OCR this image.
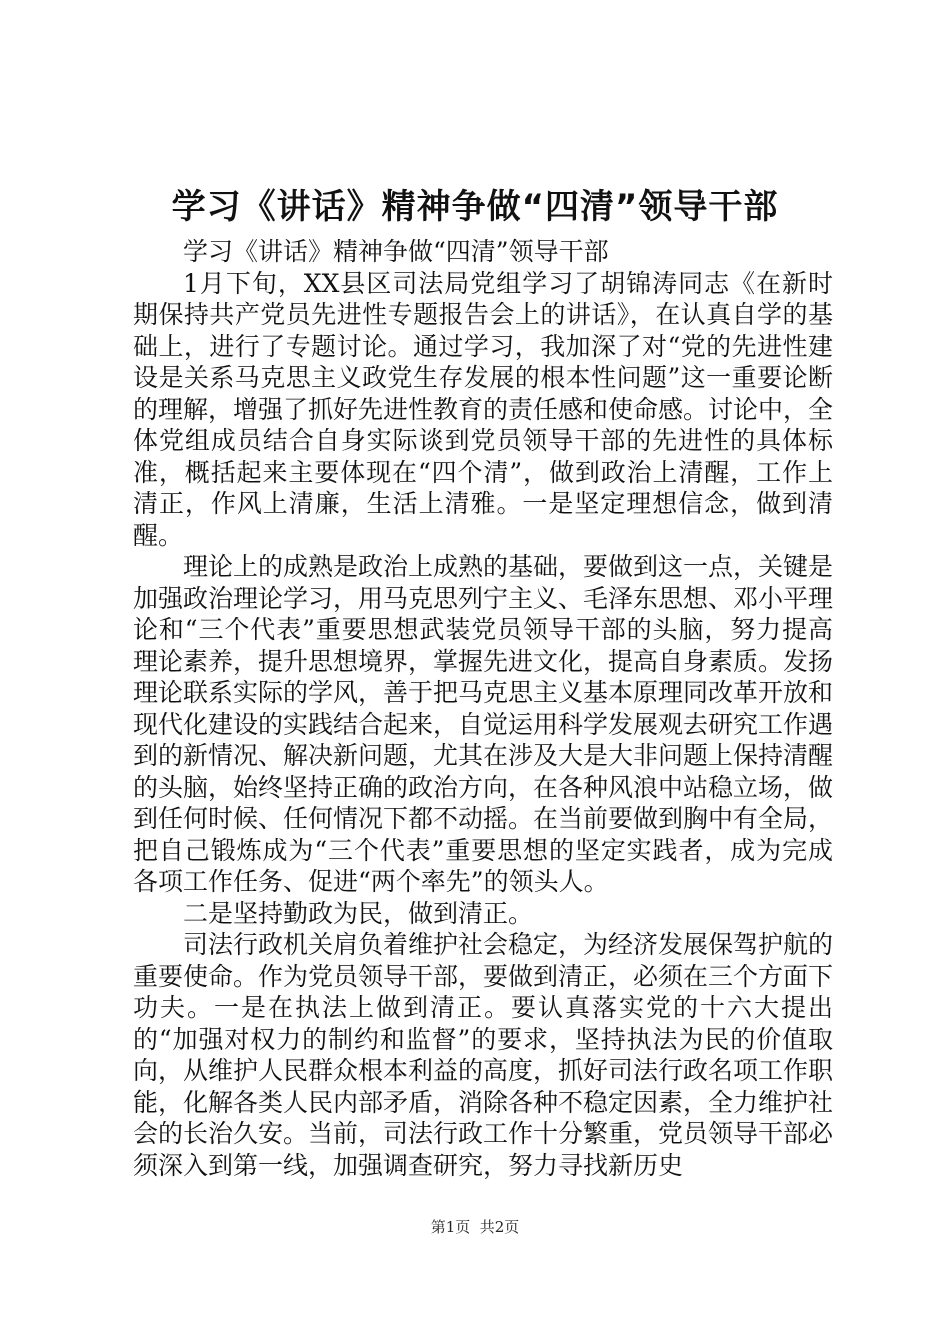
学习《讲话》精神争做“四清”领导干部

学习《讲话》精神争做“四清”领导干部

1月下旬，XX县区司法局党组学习了胡锦涛同志《在新时期保持共产党员先进性专题报告会上的讲话》，在认真自学的基础上，进行了专题讨论。通过学习，我加深了对“党的先进性建设是关系马克思主义政党生存发展的根本性问题”这一重要论断的理解，增强了抓好先进性教育的责任感和使命感。讨论中，全体党组成员结合自身实际谈到党员领导干部的先进性的具体标准，概括起来主要体现在“四个清”，做到政治上清醒，工作上清正，作风上清廉，生活上清雅。一是坚定理想信念，做到清醒。

理论上的成熟是政治上成熟的基础，要做到这一点，关键是加强政治理论学习，用马克思列宁主义、毛泽东思想、邓小平理论和“三个代表”重要思想武装党员领导干部的头脑，努力提高理论素养，提升思想境界，掌握先进文化，提高自身素质。发扬理论联系实际的学风，善于把马克思主义基本原理同改革开放和现代化建设的实践结合起来，自觉运用科学发展观去研究工作遇到的新情况、解决新问题，尤其在涉及大是大非问题上保持清醒的头脑，始终坚持正确的政治方向，在各种风浪中站稳立场，做到任何时候、任何情况下都不动摇。在当前要做到胸中有全局，把自己锻炼成为“三个代表”重要思想的坚定实践者，成为完成各项工作任务、促进“两个率先”的领头人。

二是坚持勤政为民，做到清正。

司法行政机关肩负着维护社会稳定，为经济发展保驾护航的重要使命。作为党员领导干部，要做到清正，必须在三个方面下功夫。一是在执法上做到清正。要认真落实党的十六大提出的“加强对权力的制约和监督”的要求，坚持执法为民的价值取向，从维护人民群众根本利益的高度，抓好司法行政名项工作职能，化解各类人民内部矛盾，消除各种不稳定因素，全力维护社会的长治久安。当前，司法行政工作十分繁重，党员领导干部必须深入到第一线，加强调查研究，努力寻找新历史

第1页  共2页
